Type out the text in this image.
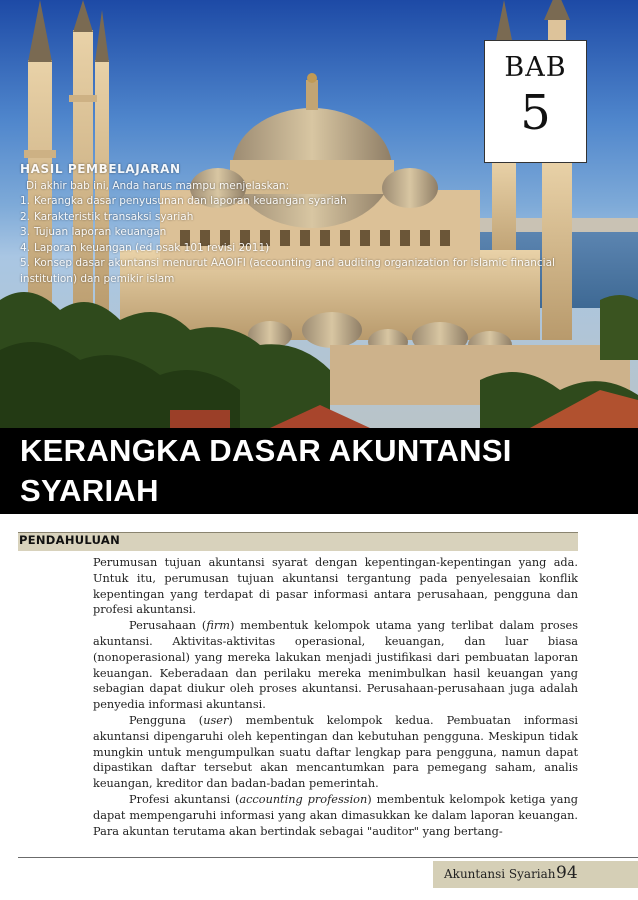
BAB
5
HASIL PEMBELAJARAN
Di akhir bab ini, Anda harus mampu menjelaskan:
1. Kerangka dasar penyusunan dan laporan keuangan syariah
2. Karakteristik transaksi syariah
3. Tujuan laporan keuangan
4. Laporan keuangan (ed psak 101 revisi 2011)
5. Konsep dasar akuntansi menurut AAOIFI (accounting and auditing organization for islamic financial institution) dan pemikir islam
KERANGKA DASAR AKUNTANSI SYARIAH
PENDAHULUAN

Perumusan tujuan akuntansi syarat dengan kepentingan-kepentingan yang ada. Untuk itu, perumusan tujuan akuntansi tergantung pada penyelesaian konflik kepentingan yang terdapat di pasar informasi antara perusahaan, pengguna dan profesi akuntansi.

Perusahaan (firm) membentuk kelompok utama yang terlibat dalam proses akuntansi. Aktivitas-aktivitas operasional, keuangan, dan luar biasa (nonoperasional) yang mereka lakukan menjadi justifikasi dari pembuatan laporan keuangan. Keberadaan dan perilaku mereka menimbulkan hasil keuangan yang sebagian dapat diukur oleh proses akuntansi. Perusahaan-perusahaan juga adalah penyedia informasi akuntansi.

Pengguna (user) membentuk kelompok kedua. Pembuatan informasi akuntansi dipengaruhi oleh kepentingan dan kebutuhan pengguna. Meskipun tidak mungkin untuk mengumpulkan suatu daftar lengkap para pengguna, namun dapat dipastikan daftar tersebut akan mencantumkan para pemegang saham, analis keuangan, kreditor dan badan-badan pemerintah.

Profesi akuntansi (accounting profession) membentuk kelompok ketiga yang dapat mempengaruhi informasi yang akan dimasukkan ke dalam laporan keuangan. Para akuntan terutama akan bertindak sebagai "auditor" yang bertang-

Akuntansi Syariah 94
